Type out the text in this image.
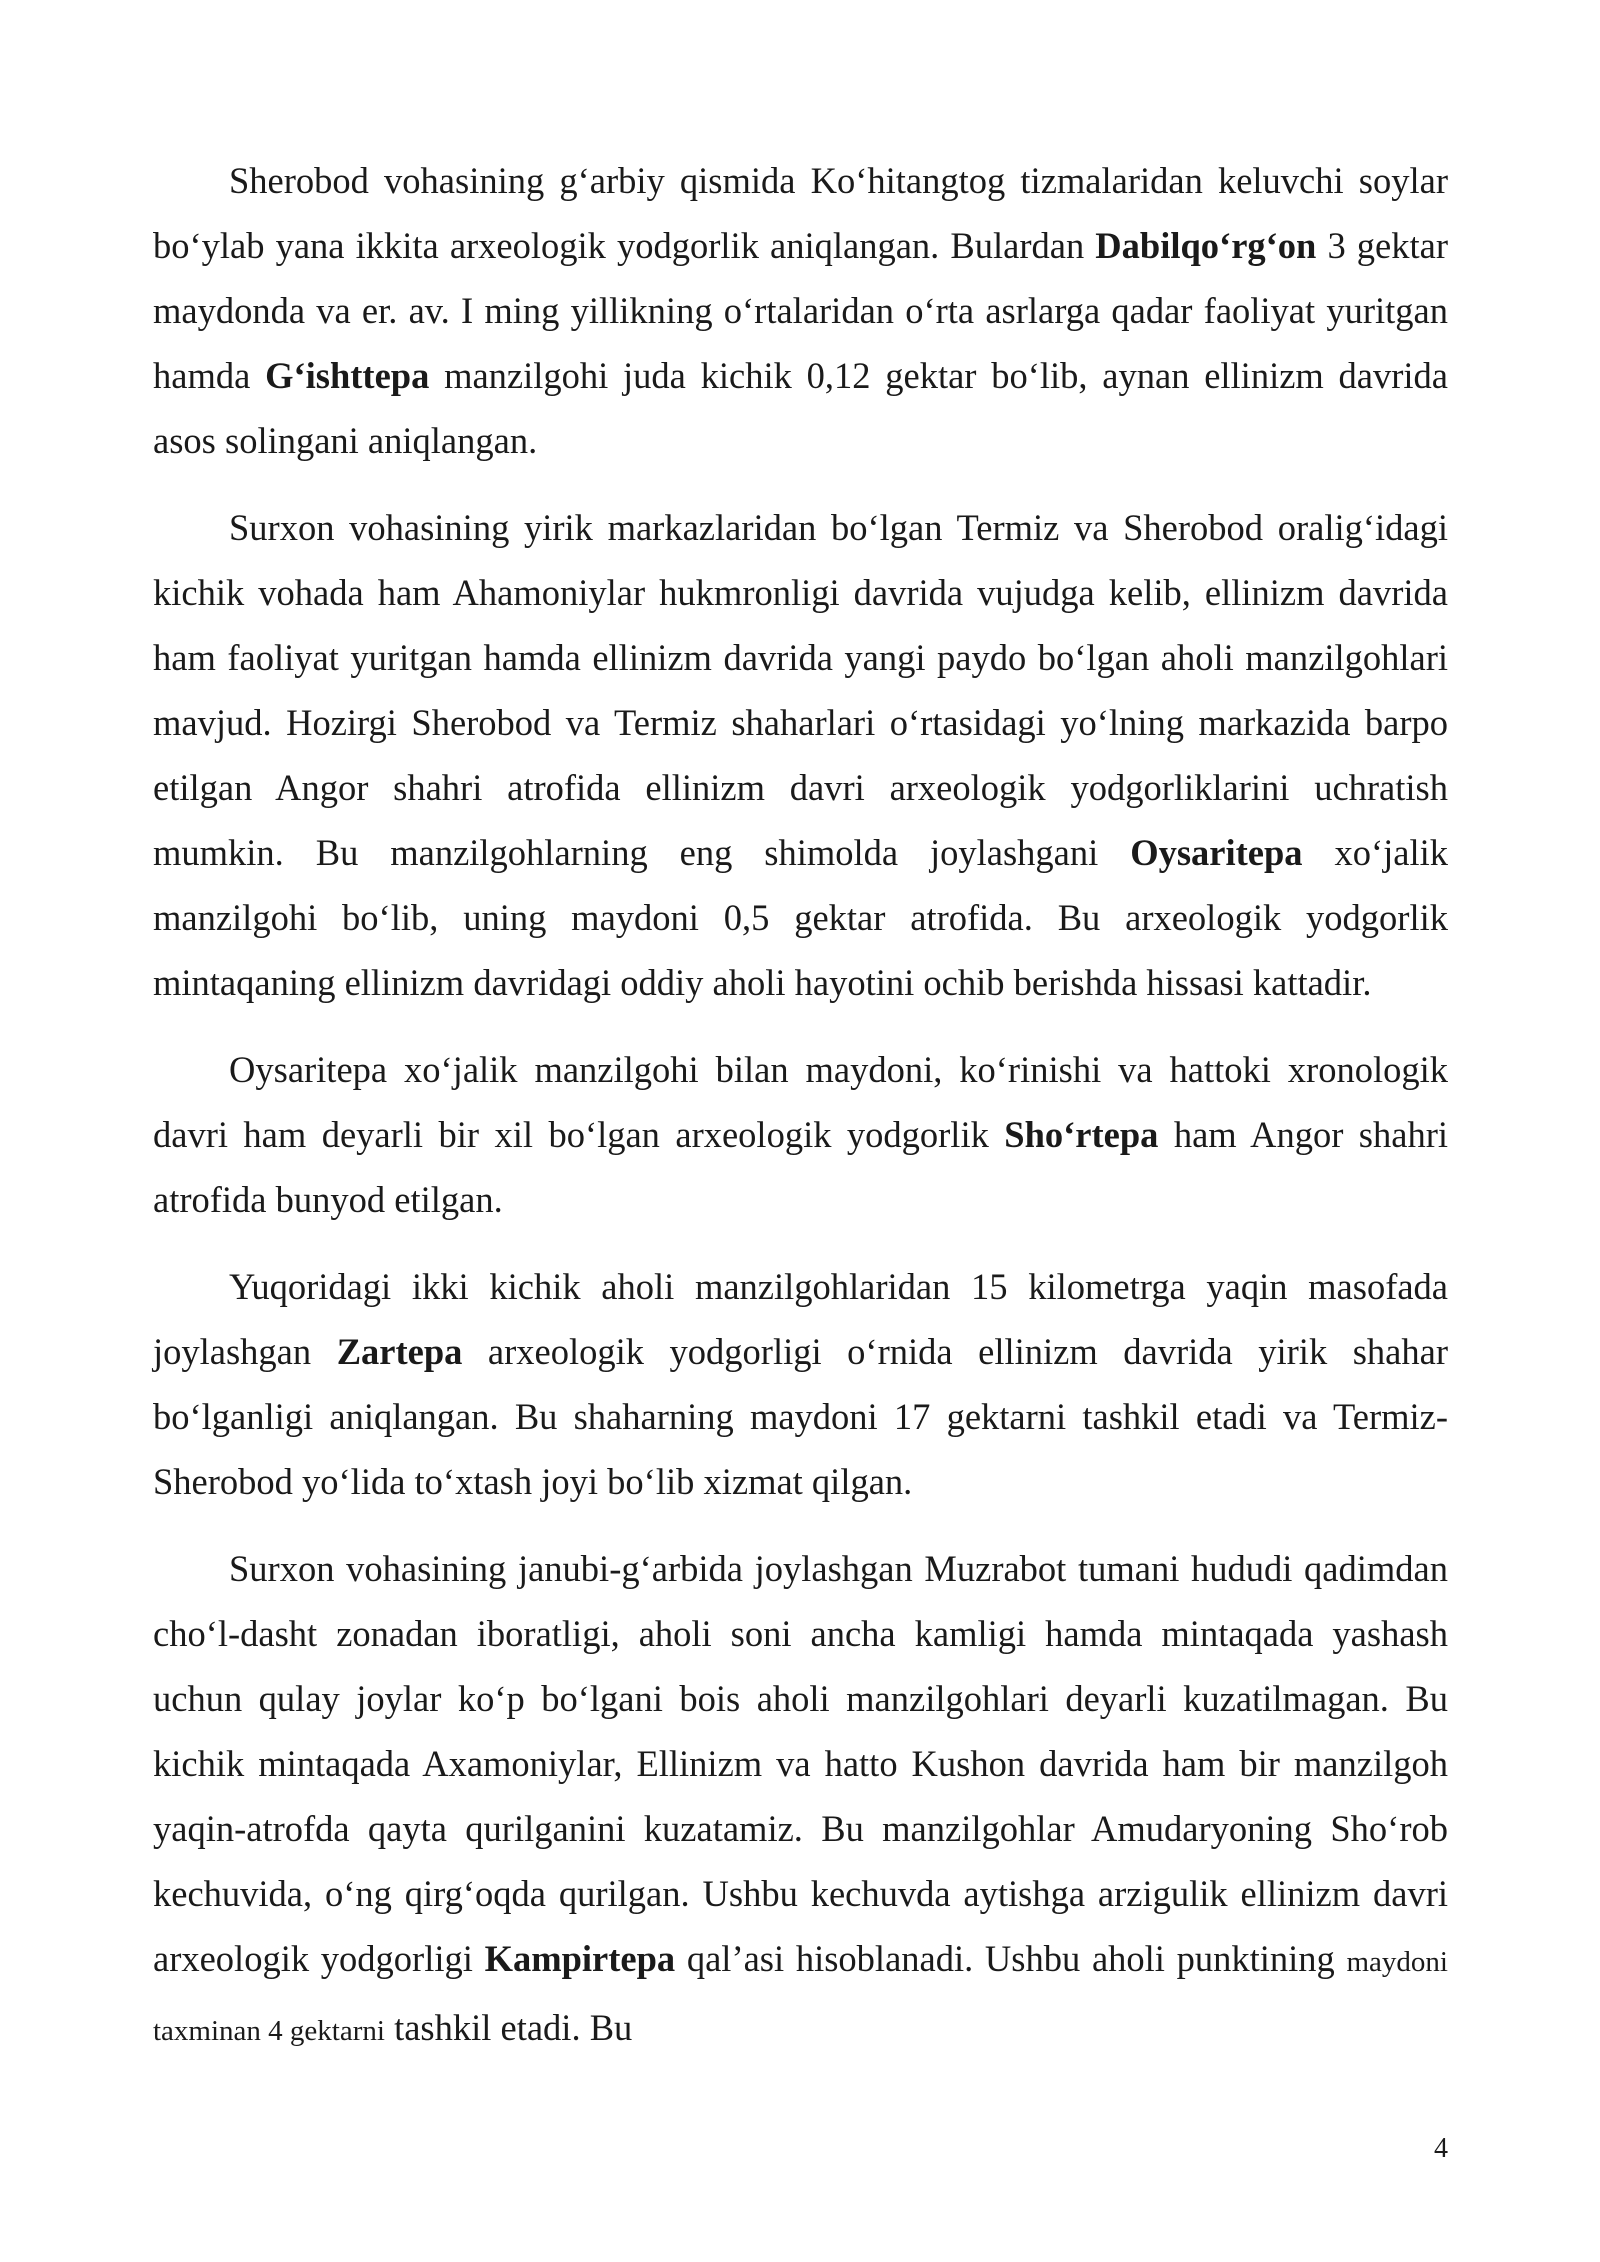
Sherobod vohasining g‘arbiy qismida Ko‘hitangtog tizmalaridan keluvchi soylar bo‘ylab yana ikkita arxeologik yodgorlik aniqlangan. Bulardan Dabilqo‘rg‘on 3 gektar maydonda va er. av. I ming yillikning o‘rtalaridan o‘rta asrlarga qadar faoliyat yuritgan hamda G‘ishttepa manzilgohi juda kichik 0,12 gektar bo‘lib, aynan ellinizm davrida asos solingani aniqlangan.

Surxon vohasining yirik markazlaridan bo‘lgan Termiz va Sherobod oralig‘idagi kichik vohada ham Ahamoniylar hukmronligi davrida vujudga kelib, ellinizm davrida ham faoliyat yuritgan hamda ellinizm davrida yangi paydo bo‘lgan aholi manzilgohlari mavjud. Hozirgi Sherobod va Termiz shaharlari o‘rtasidagi yo‘lning markazida barpo etilgan Angor shahri atrofida ellinizm davri arxeologik yodgorliklarini uchratish mumkin. Bu manzilgohlarning eng shimolda joylashgani Oysaritepa xo‘jalik manzilgohi bo‘lib, uning maydoni 0,5 gektar atrofida. Bu arxeologik yodgorlik mintaqaning ellinizm davridagi oddiy aholi hayotini ochib berishda hissasi kattadir.

Oysaritepa xo‘jalik manzilgohi bilan maydoni, ko‘rinishi va hattoki xronologik davri ham deyarli bir xil bo‘lgan arxeologik yodgorlik Sho‘rtepa ham Angor shahri atrofida bunyod etilgan.

Yuqoridagi ikki kichik aholi manzilgohlaridan 15 kilometrga yaqin masofada joylashgan Zartepa arxeologik yodgorligi o‘rnida ellinizm davrida yirik shahar bo‘lganligi aniqlangan. Bu shaharning maydoni 17 gektarni tashkil etadi va Termiz-Sherobod yo‘lida to‘xtash joyi bo‘lib xizmat qilgan.

Surxon vohasining janubi-g‘arbida joylashgan Muzrabot tumani hududi qadimdan cho‘l-dasht zonadan iboratligi, aholi soni ancha kamligi hamda mintaqada yashash uchun qulay joylar ko‘p bo‘lgani bois aholi manzilgohlari deyarli kuzatilmagan. Bu kichik mintaqada Axamoniylar, Ellinizm va hatto Kushon davrida ham bir manzilgoh yaqin-atrofda qayta qurilganini kuzatamiz. Bu manzilgohlar Amudaryoning Sho‘rob kechuvida, o‘ng qirg‘oqda qurilgan. Ushbu kechuvda aytishga arzigulik ellinizm davri arxeologik yodgorligi Kampirtepa qal’asi hisoblanadi. Ushbu aholi punktining maydoni taxminan 4 gektarni tashkil etadi. Bu

4
